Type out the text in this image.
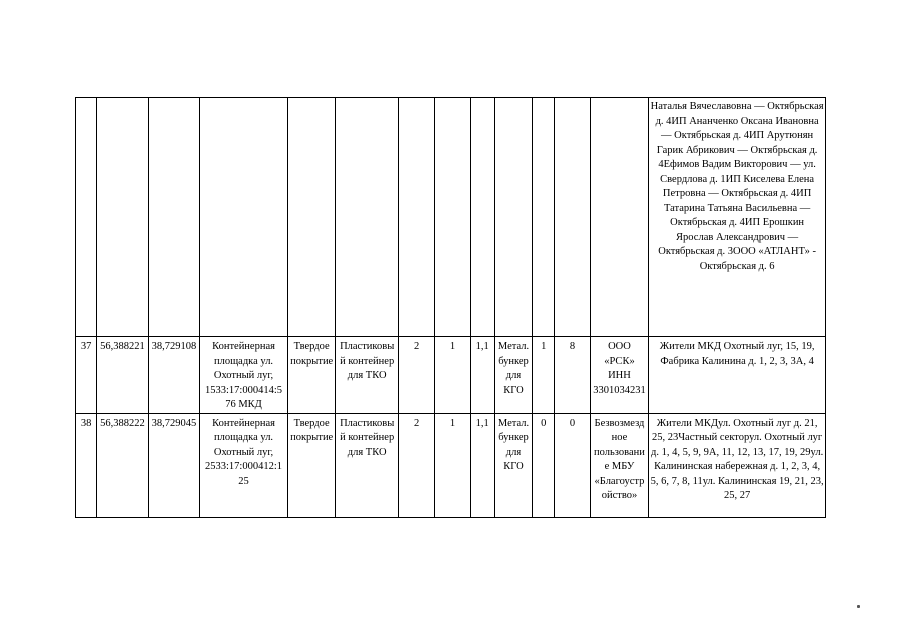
													Наталья Вячеславовна — Октябрьская д. 4ИП Ананченко Оксана Ивановна — Октябрьская д. 4ИП Арутюнян Гарик Абрикович — Октябрьская д. 4Ефимов Вадим Викторович — ул. Свердлова д. 1ИП Киселева Елена Петровна — Октябрьская д. 4ИП Татарина Татьяна Васильевна — Октябрьская д. 4ИП Ерошкин Ярослав Александрович — Октябрьская д. 3ООО «АТЛАНТ» - Октябрьская д. 6
37	56,388221	38,729108	Контейнерная площадка ул. Охотный луг, 1533:17:000414:5 76 МКД	Твердое покрытие	Пластиковы й контейнер для ТКО	2	1	1,1	Метал. бункер для КГО	1	8	ООО «РСК» ИНН 3301034231	Жители МКД Охотный луг, 15, 19, Фабрика Калинина д. 1, 2, 3, 3А, 4
38	56,388222	38,729045	Контейнерная площадка ул. Охотный луг, 2533:17:000412:1 25	Твердое покрытие	Пластиковы й контейнер для ТКО	2	1	1,1	Метал. бункер для КГО	0	0	Безвозмезд ное пользовани е МБУ «Благоустр ойство»	Жители МКДул. Охотный луг д. 21, 25, 23Частный секторул. Охотный луг д. 1, 4, 5, 9, 9А, 11, 12, 13, 17, 19, 29ул. Калининская набережная д. 1, 2, 3, 4, 5, 6, 7, 8, 11ул. Калининская 19, 21, 23, 25, 27
